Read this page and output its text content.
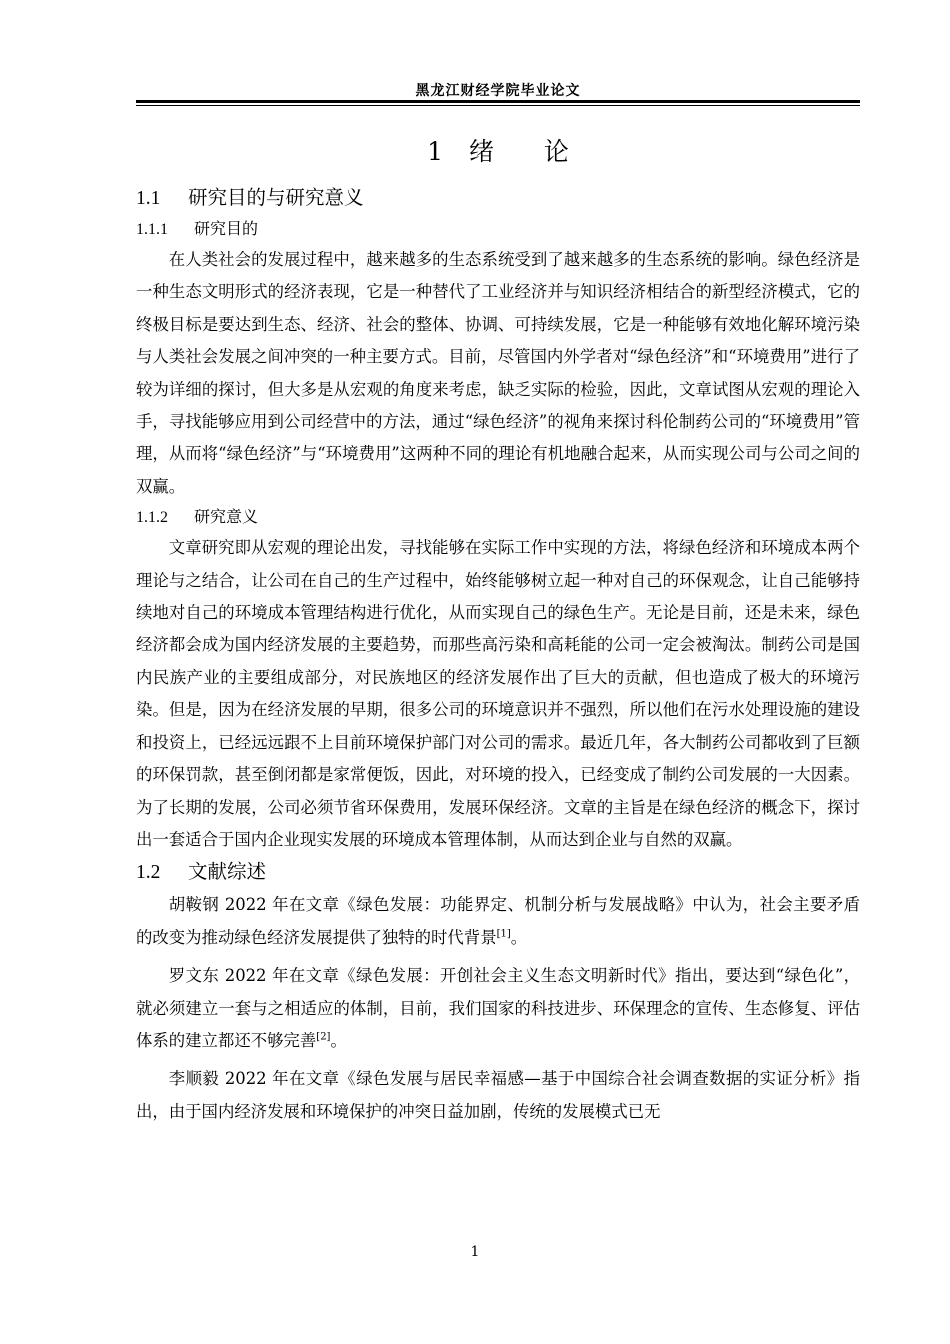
黑龙江财经学院毕业论文
1 绪 论
1.1 研究目的与研究意义
1.1.1 研究目的

在人类社会的发展过程中，越来越多的生态系统受到了越来越多的生态系统的影响。绿色经济是一种生态文明形式的经济表现，它是一种替代了工业经济并与知识经济相结合的新型经济模式，它的终极目标是要达到生态、经济、社会的整体、协调、可持续发展，它是一种能够有效地化解环境污染与人类社会发展之间冲突的一种主要方式。目前，尽管国内外学者对“绿色经济”和“环境费用”进行了较为详细的探讨，但大多是从宏观的角度来考虑，缺乏实际的检验，因此，文章试图从宏观的理论入手，寻找能够应用到公司经营中的方法，通过“绿色经济”的视角来探讨科伦制药公司的“环境费用”管理，从而将“绿色经济”与“环境费用”这两种不同的理论有机地融合起来，从而实现公司与公司之间的双赢。

1.1.2 研究意义

文章研究即从宏观的理论出发，寻找能够在实际工作中实现的方法，将绿色经济和环境成本两个理论与之结合，让公司在自己的生产过程中，始终能够树立起一种对自己的环保观念，让自己能够持续地对自己的环境成本管理结构进行优化，从而实现自己的绿色生产。无论是目前，还是未来，绿色经济都会成为国内经济发展的主要趋势，而那些高污染和高耗能的公司一定会被淘汰。制药公司是国内民族产业的主要组成部分，对民族地区的经济发展作出了巨大的贡献，但也造成了极大的环境污染。但是，因为在经济发展的早期，很多公司的环境意识并不强烈，所以他们在污水处理设施的建设和投资上，已经远远跟不上目前环境保护部门对公司的需求。最近几年，各大制药公司都收到了巨额的环保罚款，甚至倒闭都是家常便饭，因此，对环境的投入，已经变成了制约公司发展的一大因素。为了长期的发展，公司必须节省环保费用，发展环保经济。文章的主旨是在绿色经济的概念下，探讨出一套适合于国内企业现实发展的环境成本管理体制，从而达到企业与自然的双赢。

1.2 文献综述

胡鞍钢 2022 年在文章《绿色发展：功能界定、机制分析与发展战略》中认为，社会主要矛盾的改变为推动绿色经济发展提供了独特的时代背景[1]。

罗文东 2022 年在文章《绿色发展：开创社会主义生态文明新时代》指出，要达到“绿色化”，就必须建立一套与之相适应的体制，目前，我们国家的科技进步、环保理念的宣传、生态修复、评估体系的建立都还不够完善[2]。

李顺毅 2022 年在文章《绿色发展与居民幸福感—基于中国综合社会调查数据的实证分析》指出，由于国内经济发展和环境保护的冲突日益加剧，传统的发展模式已无

1
